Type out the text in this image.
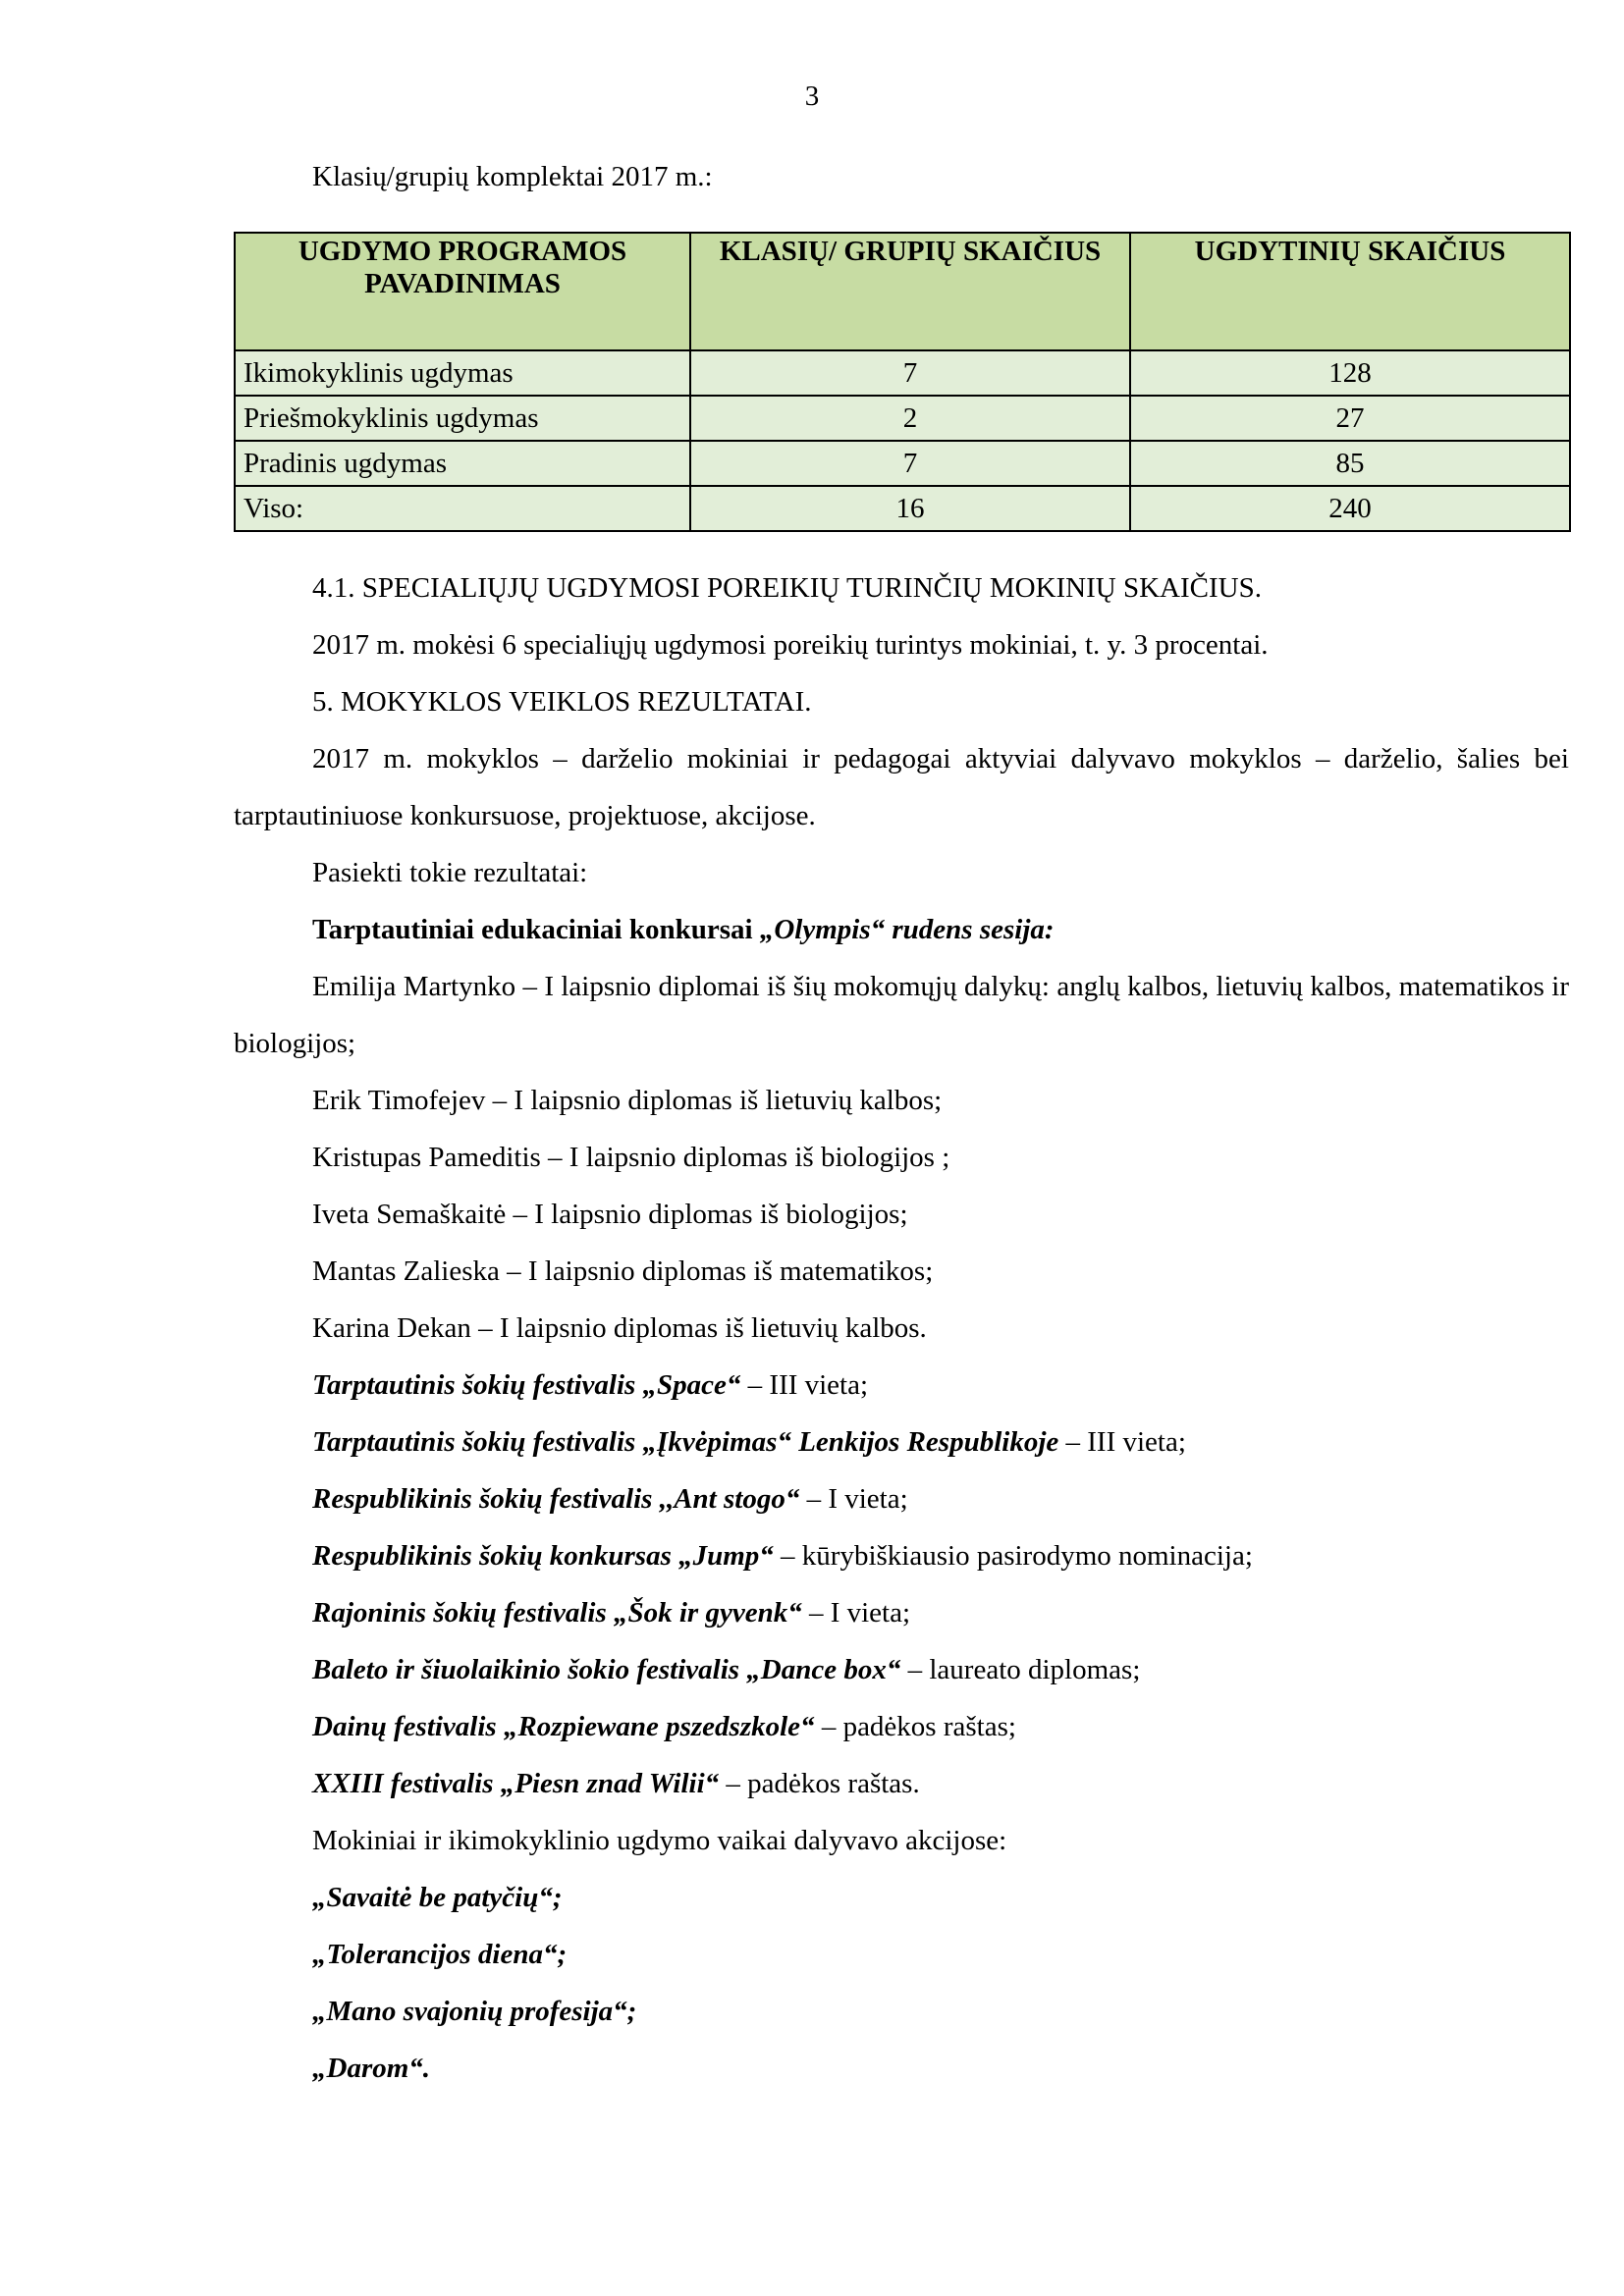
3
Klasių/grupių komplektai 2017 m.:
UGDYMO PROGRAMOS PAVADINIMAS	KLASIŲ/ GRUPIŲ SKAIČIUS	UGDYTINIŲ SKAIČIUS
Ikimokyklinis ugdymas	7	128
Priešmokyklinis ugdymas	2	27
Pradinis ugdymas	7	85
Viso:	16	240

4.1. SPECIALIŲJŲ UGDYMOSI POREIKIŲ TURINČIŲ MOKINIŲ SKAIČIUS.

2017 m. mokėsi 6 specialiųjų ugdymosi poreikių turintys mokiniai, t. y. 3 procentai.

5. MOKYKLOS VEIKLOS REZULTATAI.

2017 m. mokyklos – darželio mokiniai ir pedagogai aktyviai dalyvavo mokyklos – darželio, šalies bei tarptautiniuose konkursuose, projektuose, akcijose.

Pasiekti tokie rezultatai:

Tarptautiniai edukaciniai konkursai „Olympis“ rudens sesija:

Emilija Martynko – I laipsnio diplomai iš šių mokomųjų dalykų: anglų kalbos, lietuvių kalbos, matematikos ir biologijos;

Erik Timofejev – I laipsnio diplomas iš lietuvių kalbos;

Kristupas Pameditis – I laipsnio diplomas iš biologijos ;

Iveta Semaškaitė – I laipsnio diplomas iš biologijos;

Mantas Zalieska – I laipsnio diplomas iš matematikos;

Karina Dekan – I laipsnio diplomas iš lietuvių kalbos.

Tarptautinis šokių festivalis „Space“ – III vieta;

Tarptautinis šokių festivalis „Įkvėpimas“ Lenkijos Respublikoje – III vieta;

Respublikinis šokių festivalis ,,Ant stogo“ – I vieta;

Respublikinis šokių konkursas „Jump“ – kūrybiškiausio pasirodymo nominacija;

Rajoninis šokių festivalis „Šok ir gyvenk“ – I vieta;

Baleto ir šiuolaikinio šokio festivalis „Dance box“ – laureato diplomas;

Dainų festivalis „Rozpiewane pszedszkole“ – padėkos raštas;

XXIII festivalis „Piesn znad Wilii“ – padėkos raštas.

Mokiniai ir ikimokyklinio ugdymo vaikai dalyvavo akcijose:

„Savaitė be patyčių“;

„Tolerancijos diena“;

„Mano svajonių profesija“;

„Darom“.
